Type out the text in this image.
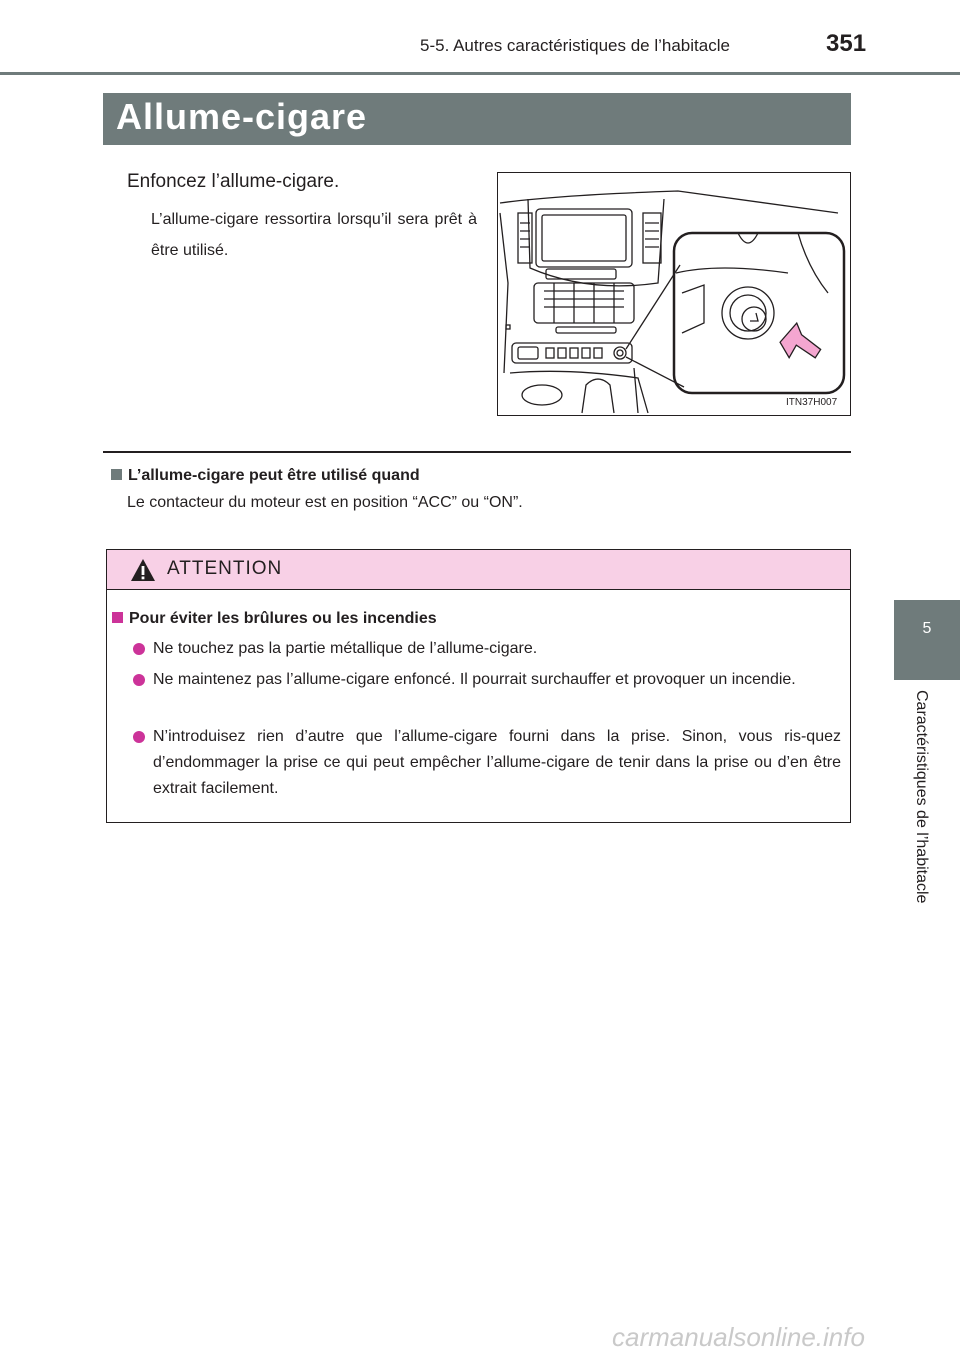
5-5. Autres caractéristiques de l’habitacle	351
5
Caractéristiques de l’habitacle
Allume-cigare
Enfoncez l’allume-cigare.
L’allume-cigare ressortira lorsqu’il sera prêt à être utilisé.
ITN37H007
L’allume-cigare peut être utilisé quand
Le contacteur du moteur est en position “ACC” ou “ON”.
ATTENTION
Pour éviter les brûlures ou les incendies
Ne touchez pas la partie métallique de l’allume-cigare.
Ne maintenez pas l’allume-cigare enfoncé. Il pourrait surchauffer et provoquer un incendie.
N’introduisez rien d’autre que l’allume-cigare fourni dans la prise. Sinon, vous ris-quez d’endommager la prise ce qui peut empêcher l’allume-cigare de tenir dans la prise ou d’en être extrait facilement.
carmanualsonline.info
